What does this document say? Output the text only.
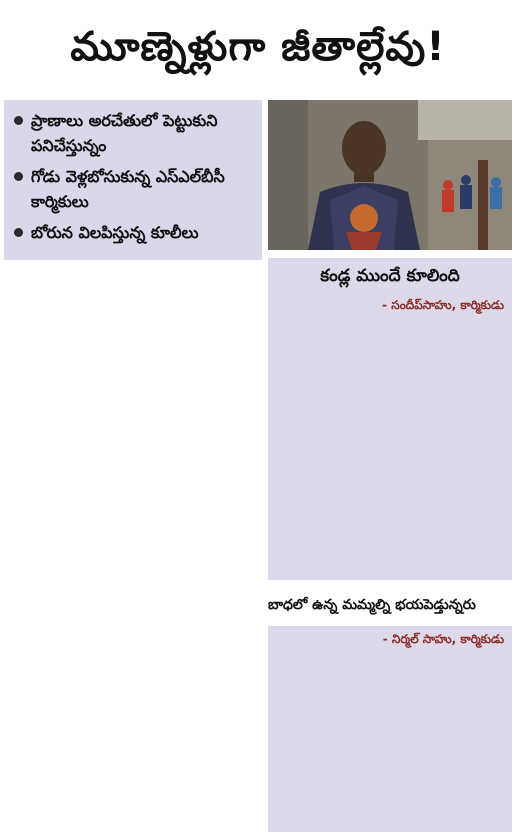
మూణ్నెళ్లుగా జీతాల్లేవు!
ప్రాణాలు అరచేతులో పెట్టుకుని పనిచేస్తున్నం
గోడు వెళ్లబోసుకున్న ఎస్ఎల్‌బీసీ కార్మికులు
బోరున విలపిస్తున్న కూలీలు
కండ్ల ముందే కూలింది

- సందీప్‌సాహు, కార్మికుడు
బాధలో ఉన్న మమ్మల్ని భయపెడ్తున్నరు

- నిర్మల్ సాహు, కార్మికుడు
